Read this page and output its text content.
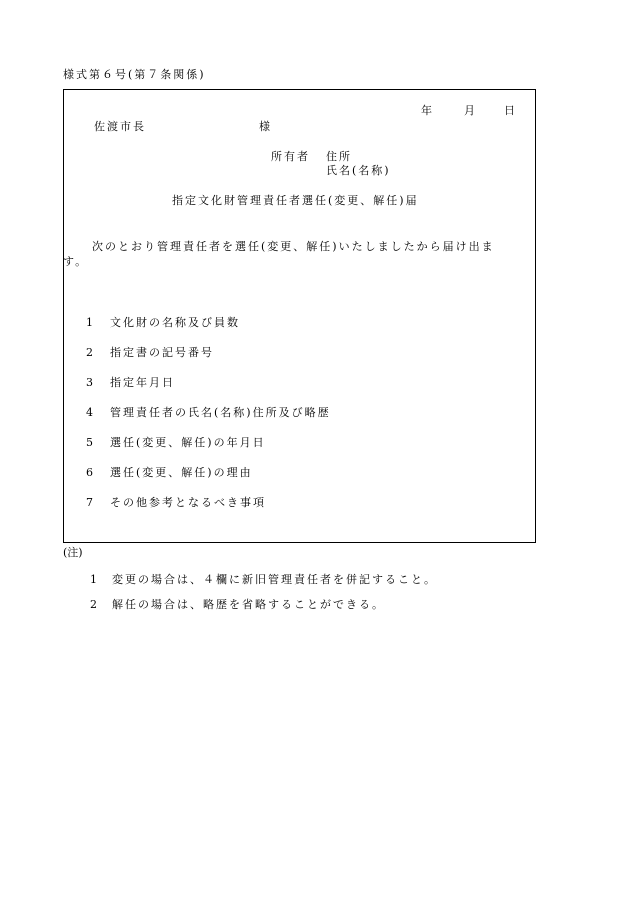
様式第６号(第７条関係)
年	月	日
佐渡市長	様
所有者 住所
氏名(名称)
指定文化財管理責任者選任(変更、解任)届
次のとおり管理責任者を選任(変更、解任)いたしましたから届け出ま
す。
1 文化財の名称及び員数
2 指定書の記号番号
3 指定年月日
4 管理責任者の氏名(名称)住所及び略歴
5 選任(変更、解任)の年月日
6 選任(変更、解任)の理由
7 その他参考となるべき事項
(注)
1 変更の場合は、４欄に新旧管理責任者を併記すること。
2 解任の場合は、略歴を省略することができる。
